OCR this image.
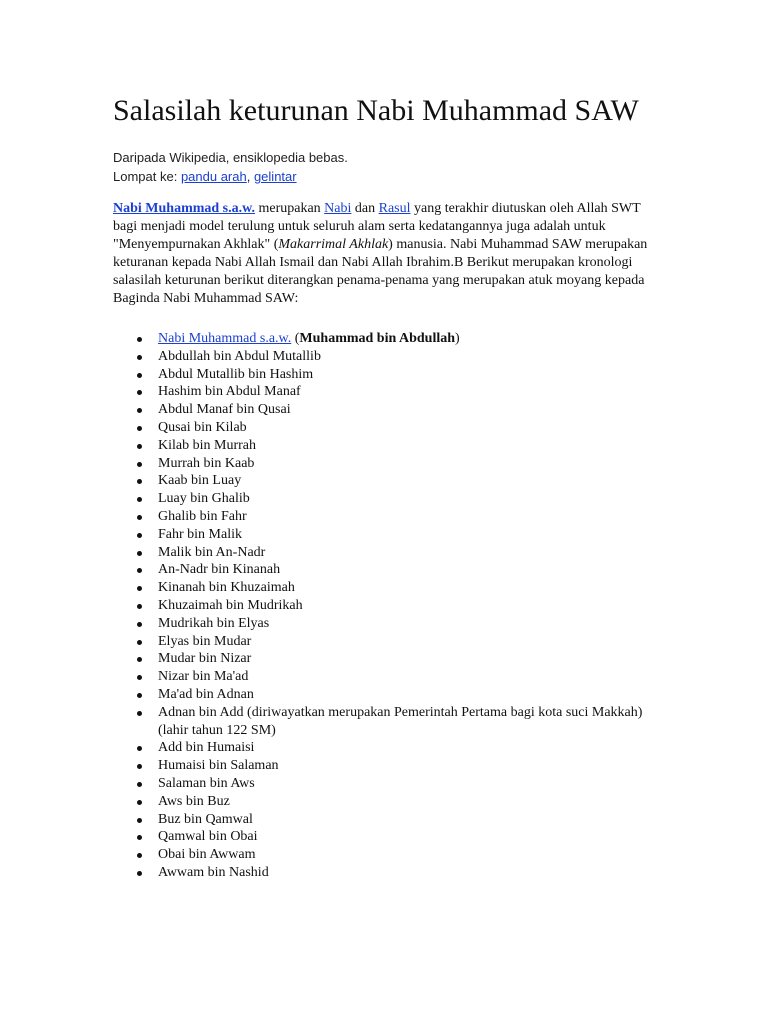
Salasilah keturunan Nabi Muhammad SAW
Daripada Wikipedia, ensiklopedia bebas.
Lompat ke: pandu arah, gelintar

Nabi Muhammad s.a.w. merupakan Nabi dan Rasul yang terakhir diutuskan oleh Allah SWT bagi menjadi model terulung untuk seluruh alam serta kedatangannya juga adalah untuk "Menyempurnakan Akhlak" (Makarrimal Akhlak) manusia. Nabi Muhammad SAW merupakan keturanan kepada Nabi Allah Ismail dan Nabi Allah Ibrahim.B Berikut merupakan kronologi salasilah keturunan berikut diterangkan penama-penama yang merupakan atuk moyang kepada Baginda Nabi Muhammad SAW:

Nabi Muhammad s.a.w. (Muhammad bin Abdullah)
Abdullah bin Abdul Mutallib
Abdul Mutallib bin Hashim
Hashim bin Abdul Manaf
Abdul Manaf bin Qusai
Qusai bin Kilab
Kilab bin Murrah
Murrah bin Kaab
Kaab bin Luay
Luay bin Ghalib
Ghalib bin Fahr
Fahr bin Malik
Malik bin An-Nadr
An-Nadr bin Kinanah
Kinanah bin Khuzaimah
Khuzaimah bin Mudrikah
Mudrikah bin Elyas
Elyas bin Mudar
Mudar bin Nizar
Nizar bin Ma'ad
Ma'ad bin Adnan
Adnan bin Add (diriwayatkan merupakan Pemerintah Pertama bagi kota suci Makkah)(lahir tahun 122 SM)
Add bin Humaisi
Humaisi bin Salaman
Salaman bin Aws
Aws bin Buz
Buz bin Qamwal
Qamwal bin Obai
Obai bin Awwam
Awwam bin Nashid
